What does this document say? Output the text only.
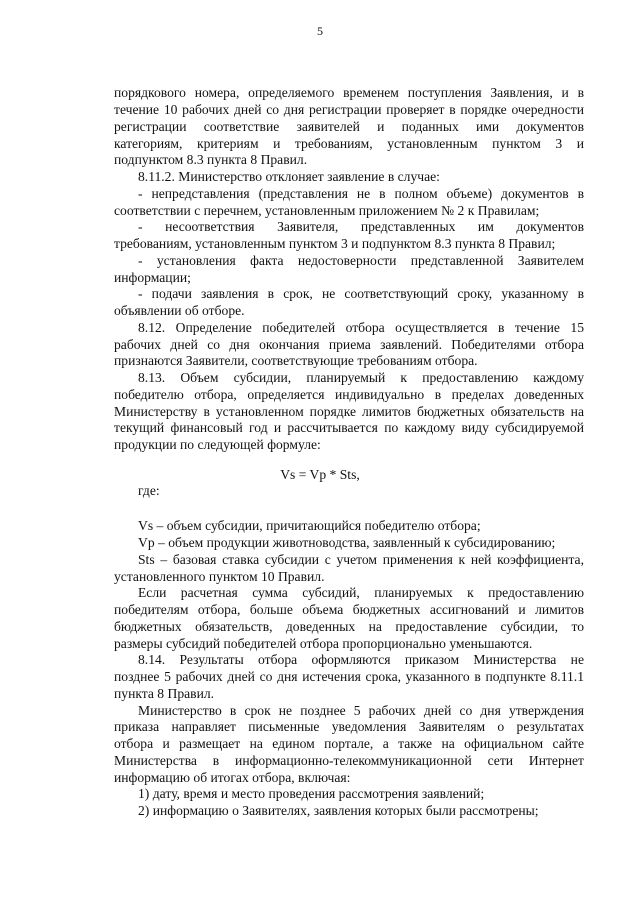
5
порядкового номера, определяемого временем поступления Заявления, и в
течение 10 рабочих дней со дня регистрации проверяет в порядке очередности
регистрации соответствие заявителей и поданных ими документов
категориям, критериям и требованиям, установленным пунктом 3 и
подпунктом 8.3 пункта 8 Правил.
8.11.2. Министерство отклоняет заявление в случае:
- непредставления (представления не в полном объеме) документов в
соответствии с перечнем, установленным приложением № 2 к Правилам;
- несоответствия Заявителя, представленных им документов
требованиям, установленным пунктом 3 и подпунктом 8.3 пункта 8 Правил;
- установления факта недостоверности представленной Заявителем
информации;
- подачи заявления в срок, не соответствующий сроку, указанному в
объявлении об отборе.
8.12. Определение победителей отбора осуществляется в течение 15
рабочих дней со дня окончания приема заявлений. Победителями отбора
признаются Заявители, соответствующие требованиям отбора.
8.13. Объем субсидии, планируемый к предоставлению каждому
победителю отбора, определяется индивидуально в пределах доведенных
Министерству в установленном порядке лимитов бюджетных обязательств на
текущий финансовый год и рассчитывается по каждому виду субсидируемой
продукции по следующей формуле:
Vs = Vp * Sts,
где:
Vs – объем субсидии, причитающийся победителю отбора;
Vp – объем продукции животноводства, заявленный к субсидированию;
Sts – базовая ставка субсидии с учетом применения к ней коэффициента,
установленного пунктом 10 Правил.
Если расчетная сумма субсидий, планируемых к предоставлению
победителям отбора, больше объема бюджетных ассигнований и лимитов
бюджетных обязательств, доведенных на предоставление субсидии, то
размеры субсидий победителей отбора пропорционально уменьшаются.
8.14. Результаты отбора оформляются приказом Министерства не
позднее 5 рабочих дней со дня истечения срока, указанного в подпункте 8.11.1
пункта 8 Правил.
Министерство в срок не позднее 5 рабочих дней со дня утверждения
приказа направляет письменные уведомления Заявителям о результатах
отбора и размещает на едином портале, а также на официальном сайте
Министерства в информационно-телекоммуникационной сети Интернет
информацию об итогах отбора, включая:
1) дату, время и место проведения рассмотрения заявлений;
2) информацию о Заявителях, заявления которых были рассмотрены;
